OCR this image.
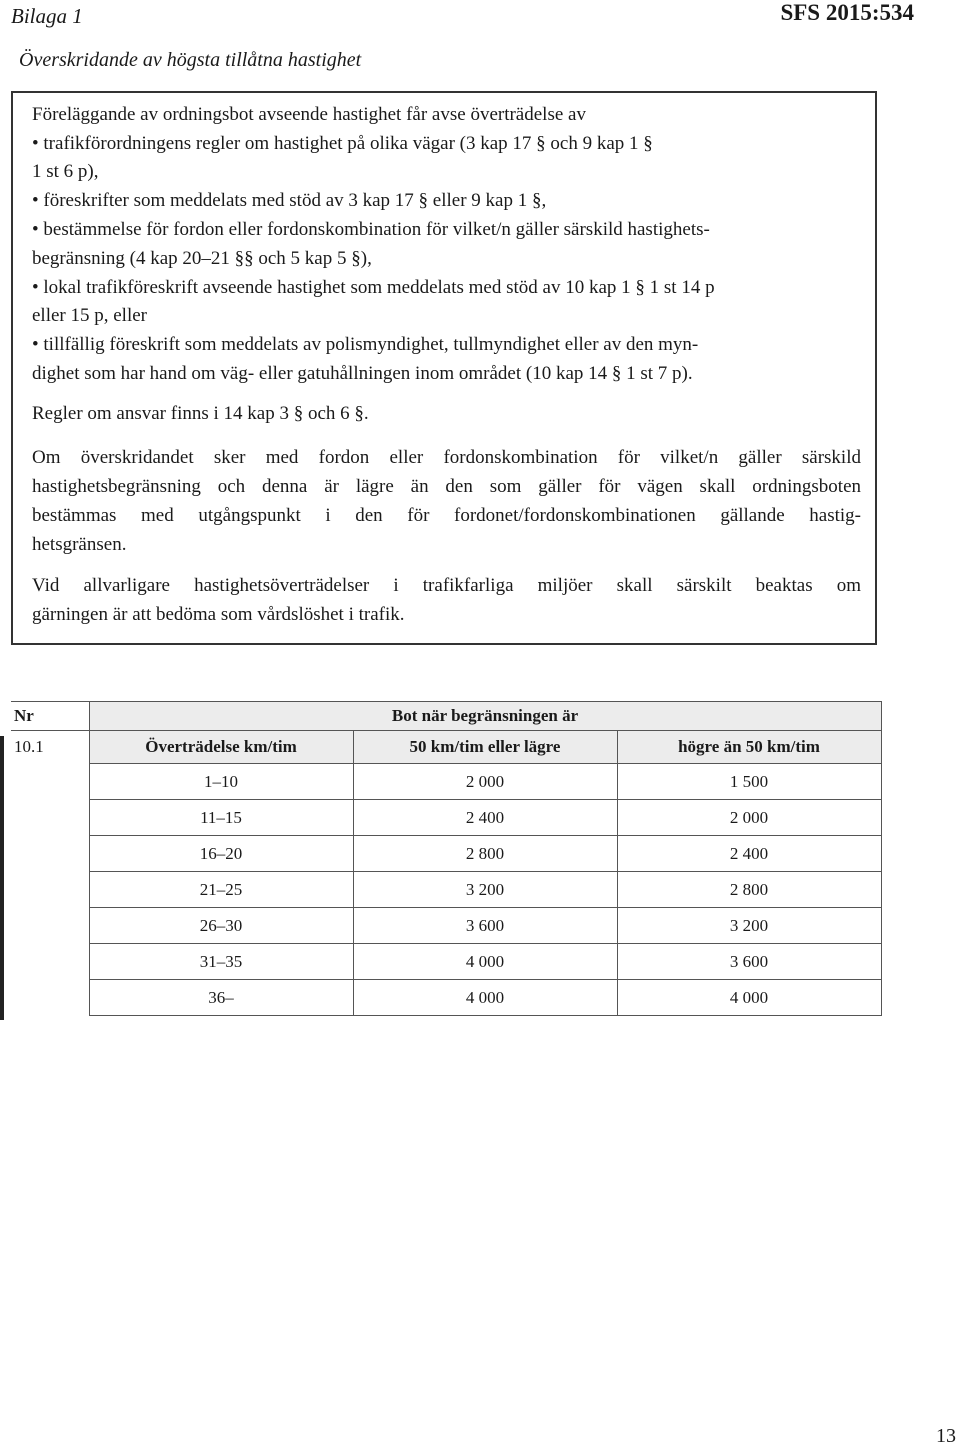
Bilaga 1	SFS 2015:534
Överskridande av högsta tillåtna hastighet
Föreläggande av ordningsbot avseende hastighet får avse överträdelse av
• trafikförordningens regler om hastighet på olika vägar (3 kap 17 § och 9 kap 1 §
1 st 6 p),
• föreskrifter som meddelats med stöd av 3 kap 17 § eller 9 kap 1 §,
• bestämmelse för fordon eller fordonskombination för vilket/n gäller särskild hastighets-
begränsning (4 kap 20–21 §§ och 5 kap 5 §),
• lokal trafikföreskrift avseende hastighet som meddelats med stöd av 10 kap 1 § 1 st 14 p
eller 15 p, eller
• tillfällig föreskrift som meddelats av polismyndighet, tullmyndighet eller av den myn-
dighet som har hand om väg- eller gatuhållningen inom området (10 kap 14 § 1 st 7 p).
Regler om ansvar finns i 14 kap 3 § och 6 §.
Om överskridandet sker med fordon eller fordonskombination för vilket/n gäller särskild
hastighetsbegränsning och denna är lägre än den som gäller för vägen skall ordningsboten
bestämmas med utgångspunkt i den för fordonet/fordonskombinationen gällande hastig-
hetsgränsen.
Vid allvarligare hastighetsöverträdelser i trafikfarliga miljöer skall särskilt beaktas om
gärningen är att bedöma som vårdslöshet i trafik.
Nr	Bot när begränsningen är		
10.1	Överträdelse km/tim	50 km/tim eller lägre	högre än 50 km/tim
	1–10	2 000	1 500
	11–15	2 400	2 000
	16–20	2 800	2 400
	21–25	3 200	2 800
	26–30	3 600	3 200
	31–35	4 000	3 600
	36–	4 000	4 000
13
